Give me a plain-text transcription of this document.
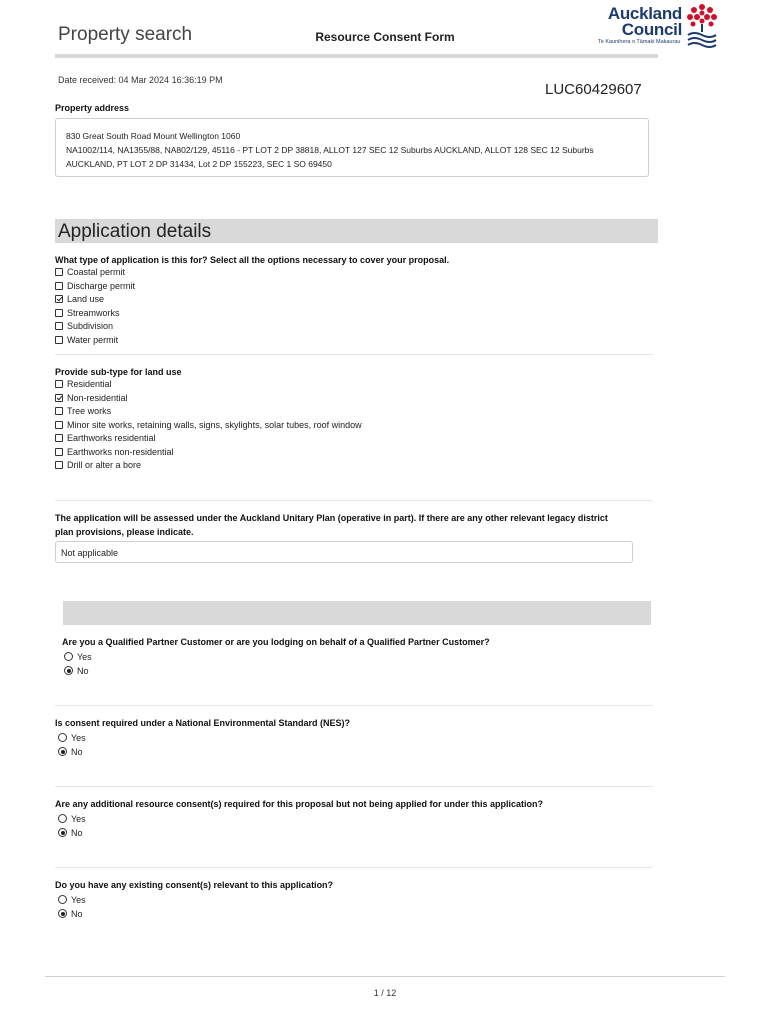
Property search	Resource Consent Form
Auckland
Council
Te Kaunihera o Tāmaki Makaurau
Date received: 04 Mar 2024 16:36:19 PM
LUC60429607
Property address
830 Great South Road Mount Wellington 1060
NA1002/114, NA1355/88, NA802/129, 45116 - PT LOT 2 DP 38818, ALLOT 127 SEC 12 Suburbs AUCKLAND, ALLOT 128 SEC 12 Suburbs
AUCKLAND, PT LOT 2 DP 31434, Lot 2 DP 155223, SEC 1 SO 69450
Application details
What type of application is this for? Select all the options necessary to cover your proposal.
Coastal permit
Discharge permit
Land use
Streamworks
Subdivision
Water permit
Provide sub-type for land use
Residential
Non-residential
Tree works
Minor site works, retaining walls, signs, skylights, solar tubes, roof window
Earthworks residential
Earthworks non-residential
Drill or alter a bore
The application will be assessed under the Auckland Unitary Plan (operative in part). If there are any other relevant legacy district
plan provisions, please indicate.
Not applicable
Are you a Qualified Partner Customer or are you lodging on behalf of a Qualified Partner Customer?
Yes
No
Is consent required under a National Environmental Standard (NES)?
Yes
No
Are any additional resource consent(s) required for this proposal but not being applied for under this application?
Yes
No
Do you have any existing consent(s) relevant to this application?
Yes
No
1 / 12
